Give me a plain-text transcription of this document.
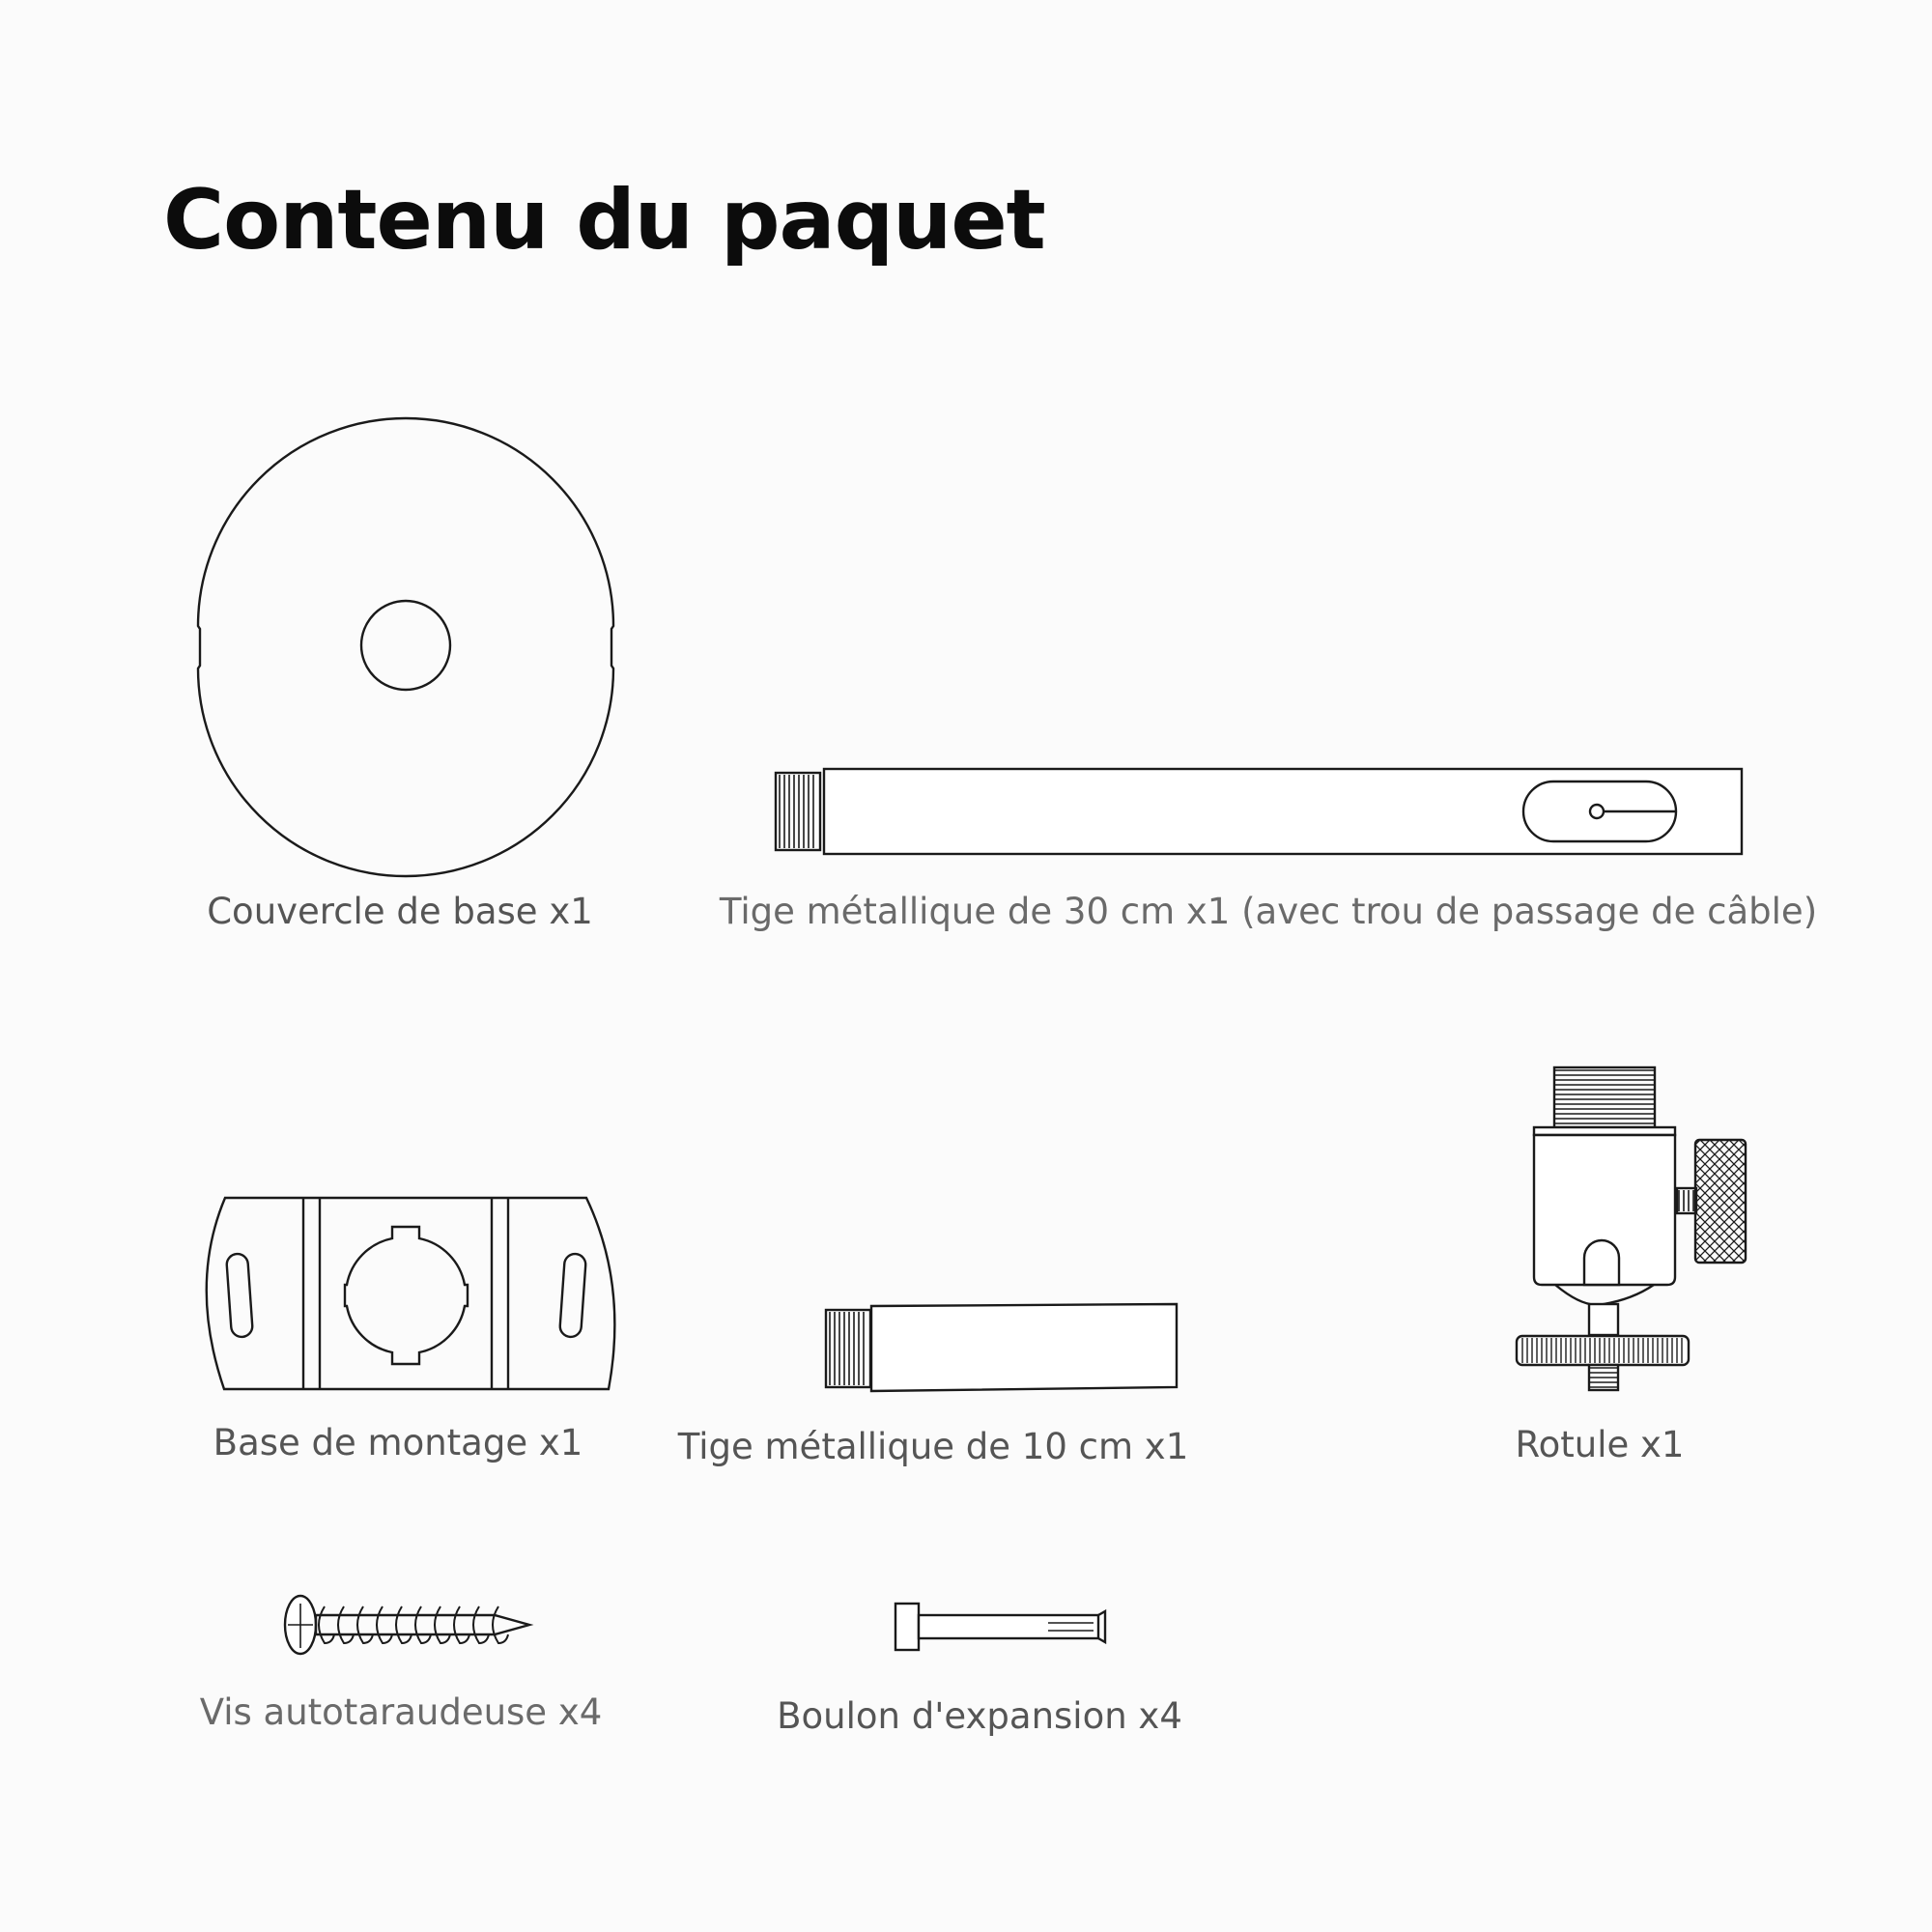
Contenu du paquet
Couvercle de base x1	Tige métallique de 30 cm x1 (avec trou de passage de câble)
Base de montage x1	Tige métallique de 10 cm x1	Rotule x1
Vis autotaraudeuse x4	Boulon d'expansion x4
